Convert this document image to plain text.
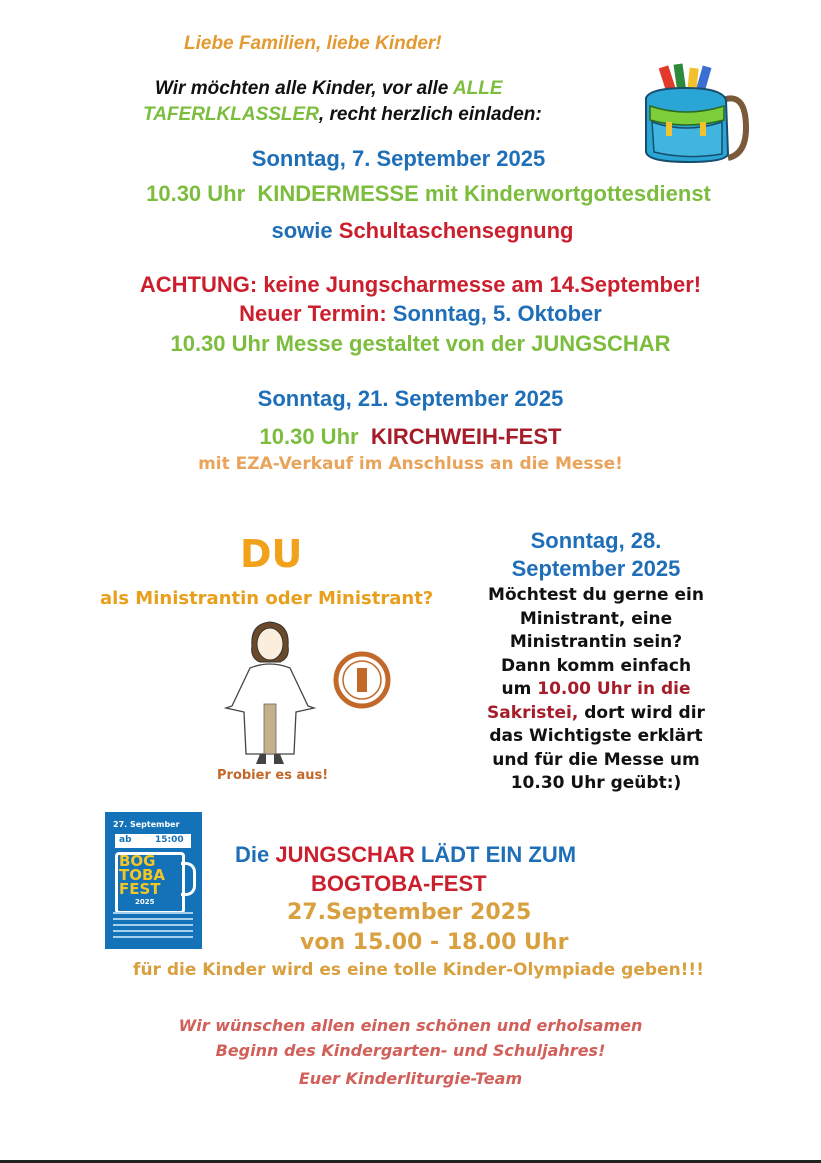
Liebe Familien, liebe Kinder!
Wir möchten alle Kinder, vor alle ALLE
TAFERLKLASSLER, recht herzlich einladen:
Sonntag, 7. September 2025
10.30 Uhr KINDERMESSE mit Kinderwortgottesdienst
sowie Schultaschensegnung
ACHTUNG: keine Jungscharmesse am 14.September!
Neuer Termin: Sonntag, 5. Oktober
10.30 Uhr Messe gestaltet von der JUNGSCHAR
Sonntag, 21. September 2025
10.30 Uhr KIRCHWEIH-FEST
mit EZA-Verkauf im Anschluss an die Messe!
DU
als Ministrantin oder Ministrant?
Probier es aus!
Sonntag, 28.
September 2025
Möchtest du gerne ein
Ministrant, eine
Ministrantin sein?
Dann komm einfach
um 10.00 Uhr in die
Sakristei, dort wird dir
das Wichtigste erklärt
und für die Messe um
10.30 Uhr geübt:)
27. September
ab	15:00
BOG
TOBA
FEST
2025
Die JUNGSCHAR LÄDT EIN ZUM
BOGTOBA-FEST
27.September 2025
von 15.00 - 18.00 Uhr
für die Kinder wird es eine tolle Kinder-Olympiade geben!!!
Wir wünschen allen einen schönen und erholsamen
Beginn des Kindergarten- und Schuljahres!
Euer Kinderliturgie-Team
